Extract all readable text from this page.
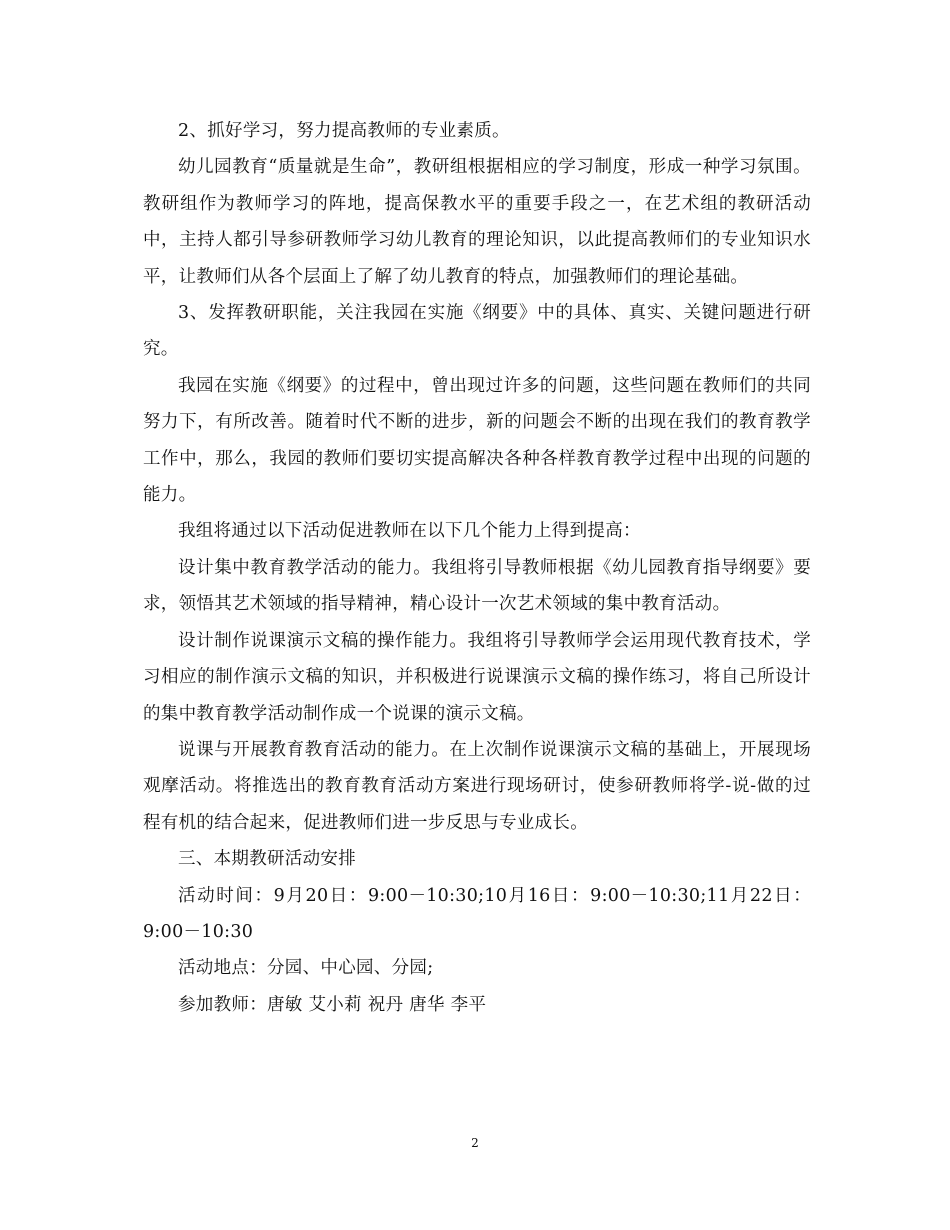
2、抓好学习，努力提高教师的专业素质。

幼儿园教育“质量就是生命”，教研组根据相应的学习制度，形成一种学习氛围。教研组作为教师学习的阵地，提高保教水平的重要手段之一，在艺术组的教研活动中，主持人都引导参研教师学习幼儿教育的理论知识，以此提高教师们的专业知识水平，让教师们从各个层面上了解了幼儿教育的特点，加强教师们的理论基础。

3、发挥教研职能，关注我园在实施《纲要》中的具体、真实、关键问题进行研究。

我园在实施《纲要》的过程中，曾出现过许多的问题，这些问题在教师们的共同努力下，有所改善。随着时代不断的进步，新的问题会不断的出现在我们的教育教学工作中，那么，我园的教师们要切实提高解决各种各样教育教学过程中出现的问题的能力。

我组将通过以下活动促进教师在以下几个能力上得到提高：

设计集中教育教学活动的能力。我组将引导教师根据《幼儿园教育指导纲要》要求，领悟其艺术领域的指导精神，精心设计一次艺术领域的集中教育活动。

设计制作说课演示文稿的操作能力。我组将引导教师学会运用现代教育技术，学习相应的制作演示文稿的知识，并积极进行说课演示文稿的操作练习，将自己所设计的集中教育教学活动制作成一个说课的演示文稿。

说课与开展教育教育活动的能力。在上次制作说课演示文稿的基础上，开展现场观摩活动。将推选出的教育教育活动方案进行现场研讨，使参研教师将学-说-做的过程有机的结合起来，促进教师们进一步反思与专业成长。

三、本期教研活动安排

活动时间：9月20日：9:00－10:30;10月16日：9:00－10:30;11月22日：9:00－10:30

活动地点：分园、中心园、分园;

参加教师：唐敏 艾小莉 祝丹 唐华 李平

2
